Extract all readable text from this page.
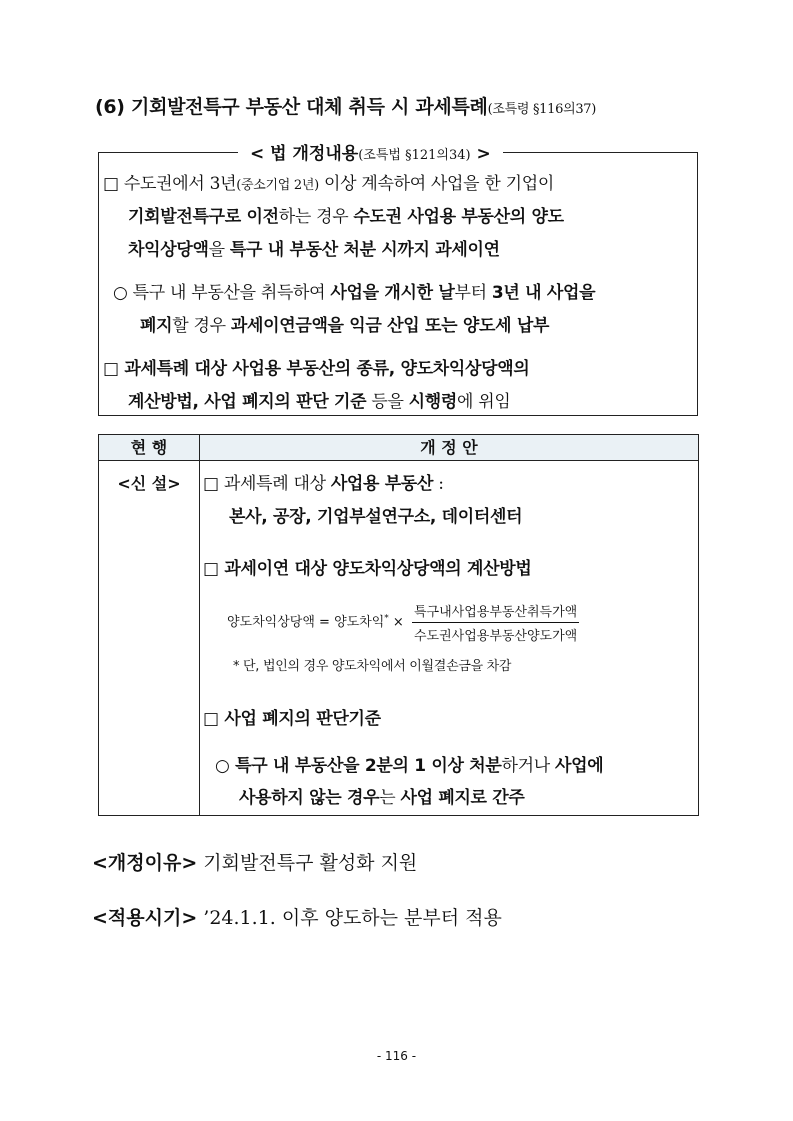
(6) 기회발전특구 부동산 대체 취득 시 과세특례(조특령 §116의37)
< 법 개정내용(조특법 §121의34) >
□ 수도권에서 3년(중소기업 2년) 이상 계속하여 사업을 한 기업이
기회발전특구로 이전하는 경우 수도권 사업용 부동산의 양도
차익상당액을 특구 내 부동산 처분 시까지 과세이연
○ 특구 내 부동산을 취득하여 사업을 개시한 날부터 3년 내 사업을
폐지할 경우 과세이연금액을 익금 산입 또는 양도세 납부
□ 과세특례 대상 사업용 부동산의 종류, 양도차익상당액의
계산방법, 사업 폐지의 판단 기준 등을 시행령에 위임
현 행	개 정 안
<신 설>	□ 과세특례 대상 사업용 부동산 :
본사, 공장, 기업부설연구소, 데이터센터
□ 과세이연 대상 양도차익상당액의 계산방법
양도차익상당액 = 양도차익$^* \times \frac{\text{특구내사업용부동산취득가액}}{\text{수도권사업용부동산양도가액}}$
* 단, 법인의 경우 양도차익에서 이월결손금을 차감
□ 사업 폐지의 판단기준
○ 특구 내 부동산을 2분의 1 이상 처분하거나 사업에
사용하지 않는 경우는 사업 폐지로 간주
<개정이유> 기회발전특구 활성화 지원
<적용시기> ’24.1.1. 이후 양도하는 분부터 적용
- 116 -
